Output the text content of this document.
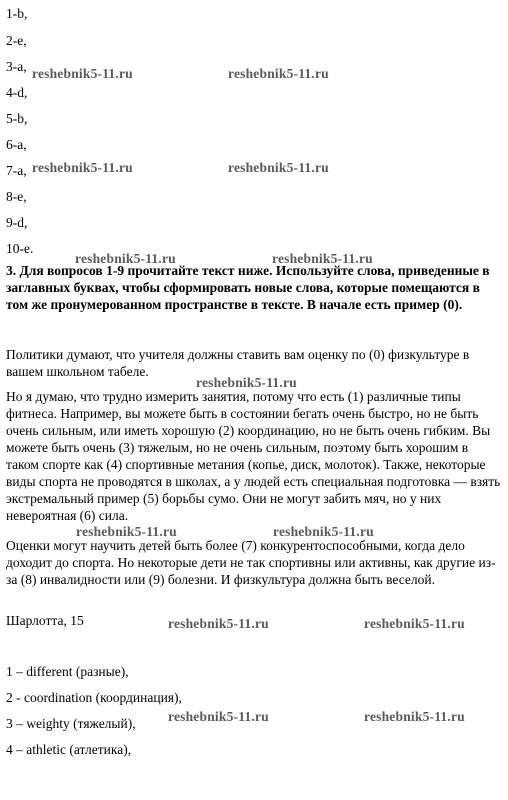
1-b,
2-e,
3-a,
4-d,
5-b,
6-a,
7-a,
8-e,
9-d,
10-e.
3. Для вопросов 1-9 прочитайте текст ниже. Используйте слова, приведенные в заглавных буквах, чтобы сформировать новые слова, которые помещаются в том же пронумерованном пространстве в тексте. В начале есть пример (0).
Политики думают, что учителя должны ставить вам оценку по (0) физкультуре в вашем школьном табеле.
Но я думаю, что трудно измерить занятия, потому что есть (1) различные типы фитнеса. Например, вы можете быть в состоянии бегать очень быстро, но не быть очень сильным, или иметь хорошую (2) координацию, но не быть очень гибким. Вы можете быть очень (3) тяжелым, но не очень сильным, поэтому быть хорошим в таком спорте как (4) спортивные метания (копье, диск, молоток). Также, некоторые виды спорта не проводятся в школах, а у людей есть специальная подготовка — взять экстремальный пример (5) борьбы сумо. Они не могут забить мяч, но у них невероятная (6) сила.
Оценки могут научить детей быть более (7) конкурентоспособными, когда дело доходит до спорта. Но некоторые дети не так спортивны или активны, как другие из-за (8) инвалидности или (9) болезни. И физкультура должна быть веселой.
Шарлотта, 15
1 – different (разные),
2 - coordination (координация),
3 – weighty (тяжелый),
4 – athletic (атлетика),
reshebnik5-11.ru	reshebnik5-11.ru
reshebnik5-11.ru	reshebnik5-11.ru
reshebnik5-11.ru	reshebnik5-11.ru
reshebnik5-11.ru
reshebnik5-11.ru	reshebnik5-11.ru
reshebnik5-11.ru	reshebnik5-11.ru
reshebnik5-11.ru	reshebnik5-11.ru
